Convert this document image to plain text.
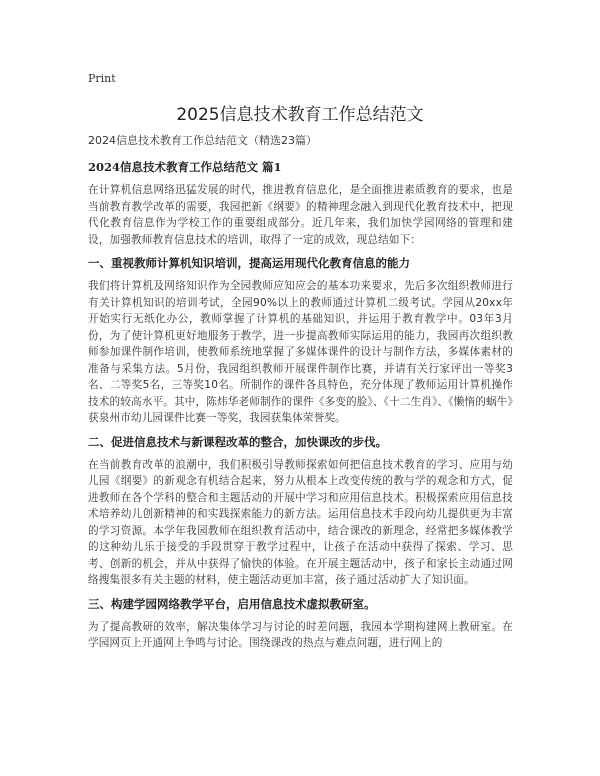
Print
2025信息技术教育工作总结范文

2024信息技术教育工作总结范文（精选23篇）

2024信息技术教育工作总结范文 篇1

在计算机信息网络迅猛发展的时代，推进教育信息化，是全面推进素质教育的要求，也是当前教育教学改革的需要，我园把新《纲要》的精神理念融入到现代化教育技术中，把现代化教育信息作为学校工作的重要组成部分。近几年来，我们加快学园网络的管理和建设，加强教师教育信息技术的培训，取得了一定的成效，现总结如下：

一、重视教师计算机知识培训，提高运用现代化教育信息的能力

我们将计算机及网络知识作为全园教师应知应会的基本功来要求，先后多次组织教师进行有关计算机知识的培训考试，全园90%以上的教师通过计算机二级考试。学园从20xx年开始实行无纸化办公，教师掌握了计算机的基础知识，并运用于教育教学中。03年3月份，为了使计算机更好地服务于教学，进一步提高教师实际运用的能力，我园再次组织教师参加课件制作培训，使教师系统地掌握了多媒体课件的设计与制作方法，多媒体素材的准备与采集方法。5月份，我园组织教师开展课件制作比赛，并请有关行家评出一等奖3名、二等奖5名，三等奖10名。所制作的课件各具特色，充分体现了教师运用计算机操作技术的较高水平。其中，陈炜华老师制作的课件《多变的脸》、《十二生肖》、《懒惰的蜗牛》获泉州市幼儿园课件比赛一等奖，我园获集体荣誉奖。

二、促进信息技术与新课程改革的整合，加快课改的步伐。

在当前教育改革的浪潮中，我们积极引导教师探索如何把信息技术教育的学习、应用与幼儿园《纲要》的新观念有机结合起来，努力从根本上改变传统的教与学的观念和方式，促进教师在各个学科的整合和主题活动的开展中学习和应用信息技术。积极探索应用信息技术培养幼儿创新精神的和实践探索能力的新方法。运用信息技术手段向幼儿提供更为丰富的学习资源。本学年我园教师在组织教育活动中，结合课改的新理念，经常把多媒体教学的这种幼儿乐于接受的手段贯穿于教学过程中，让孩子在活动中获得了探索、学习、思考、创新的机会，并从中获得了愉快的体验。在开展主题活动中，孩子和家长主动通过网络搜集很多有关主题的材料，使主题活动更加丰富，孩子通过活动扩大了知识面。

三、构建学园网络教学平台，启用信息技术虚拟教研室。

为了提高教研的效率，解决集体学习与讨论的时差问题，我园本学期构建网上教研室。在学园网页上开通网上争鸣与讨论。围绕课改的热点与难点问题，进行网上的
